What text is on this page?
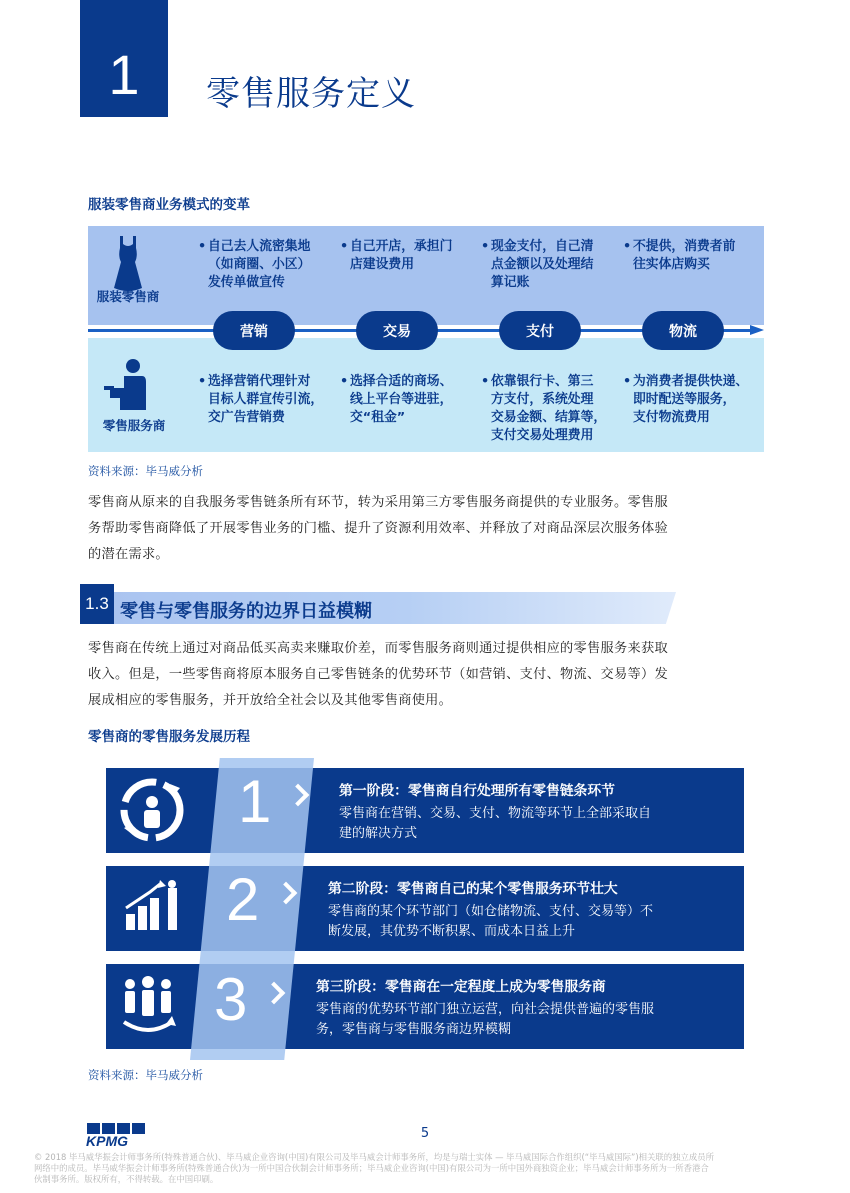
1	零售服务定义
服装零售商业务模式的变革
服装零售商
零售服务商
营销	交易	支付	物流
• 自己去人流密集地
（如商圈、小区）
发传单做宣传
• 自己开店，承担门
店建设费用
• 现金支付，自己清
点金额以及处理结
算记账
• 不提供，消费者前
往实体店购买
• 选择营销代理针对
目标人群宣传引流，
交广告营销费
• 选择合适的商场、
线上平台等进驻，
交“租金”
• 依靠银行卡、第三
方支付，系统处理
交易金额、结算等，
支付交易处理费用
• 为消费者提供快递、
即时配送等服务，
支付物流费用
资料来源：毕马威分析
零售商从原来的自我服务零售链条所有环节，转为采用第三方零售服务商提供的专业服务。零售服
务帮助零售商降低了开展零售业务的门槛、提升了资源利用效率、并释放了对商品深层次服务体验
的潜在需求。
1.3 零售与零售服务的边界日益模糊
零售商在传统上通过对商品低买高卖来赚取价差，而零售服务商则通过提供相应的零售服务来获取
收入。但是，一些零售商将原本服务自己零售链条的优势环节（如营销、支付、物流、交易等）发
展成相应的零售服务，并开放给全社会以及其他零售商使用。
零售商的零售服务发展历程
1	第一阶段：零售商自行处理所有零售链条环节
零售商在营销、交易、支付、物流等环节上全部采取自
建的解决方式
2	第二阶段：零售商自己的某个零售服务环节壮大
零售商的某个环节部门（如仓储物流、支付、交易等）不
断发展，其优势不断积累、而成本日益上升
3	第三阶段：零售商在一定程度上成为零售服务商
零售商的优势环节部门独立运营，向社会提供普遍的零售服
务，零售商与零售服务商边界模糊
资料来源：毕马威分析
KPMG	5
© 2018 毕马威华振会计师事务所(特殊普通合伙)、毕马威企业咨询(中国)有限公司及毕马威会计师事务所，均是与瑞士实体 — 毕马威国际合作组织(“毕马威国际”)相关联的独立成员所
网络中的成员。毕马威华振会计师事务所(特殊普通合伙)为一所中国合伙制会计师事务所；毕马威企业咨询(中国)有限公司为一所中国外商独资企业；毕马威会计师事务所为一所香港合
伙制事务所。版权所有，不得转载。在中国印刷。
